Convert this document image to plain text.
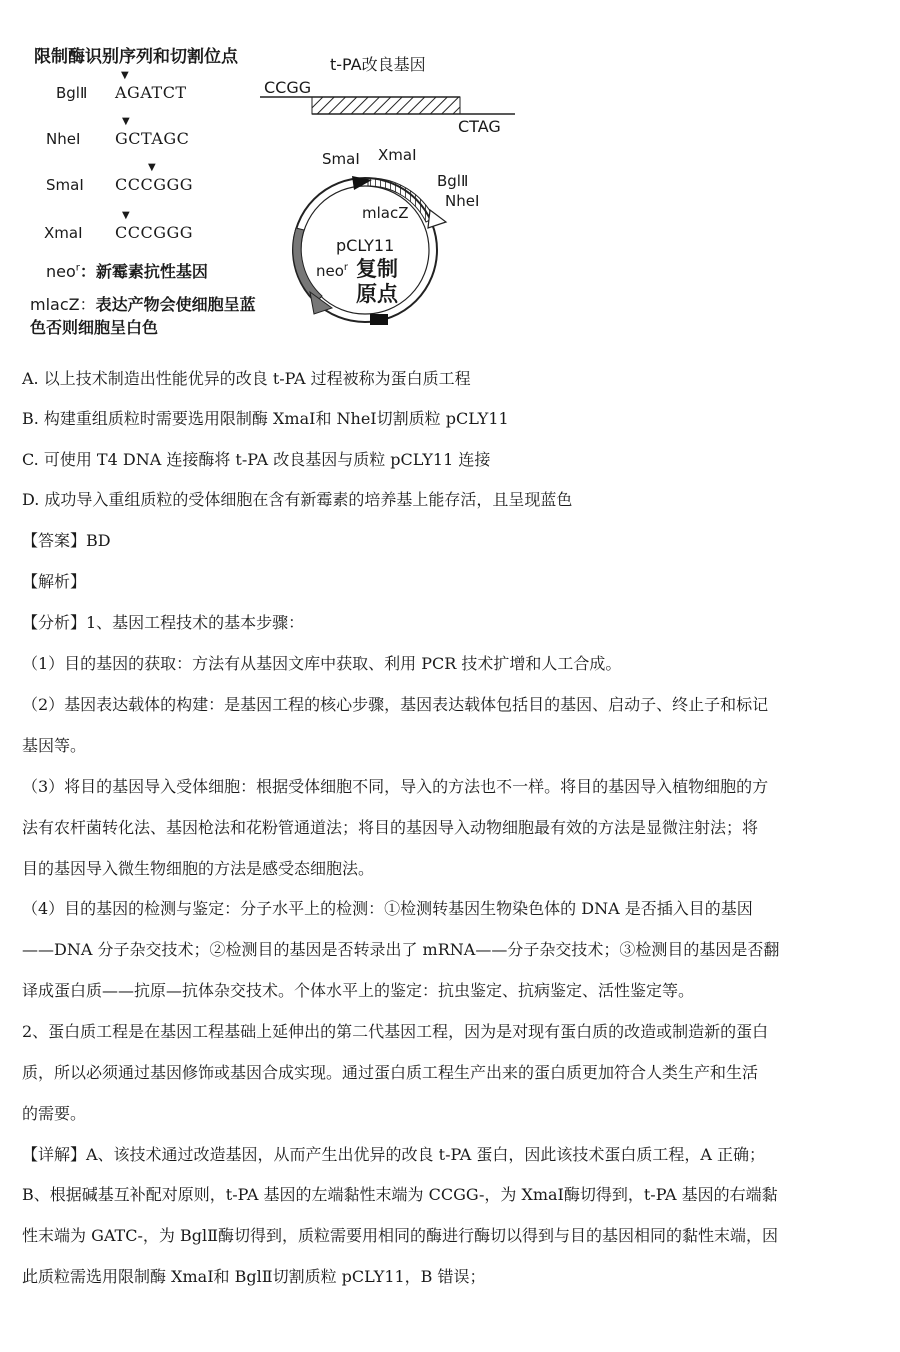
限制酶识别序列和切割位点
BglⅡ
▼
AGATCT
NheⅠ
▼
GCTAGC
SmaⅠ
▼
CCCGGG
XmaⅠ
▼
CCCGGG
neo$^r$：新霉素抗性基因
mlacZ：表达产物会使细胞呈蓝
色否则细胞呈白色
t-PA改良基因
CCGG
CTAG
SmaⅠ XmaⅠ
BglⅡ
NheⅠ
mlacZ
pCLY11
neo$^r$ 复制
原点
A. 以上技术制造出性能优异的改良 t-PA 过程被称为蛋白质工程
B. 构建重组质粒时需要选用限制酶 XmaⅠ和 NheⅠ切割质粒 pCLY11
C. 可使用 T4 DNA 连接酶将 t-PA 改良基因与质粒 pCLY11 连接
D. 成功导入重组质粒的受体细胞在含有新霉素的培养基上能存活，且呈现蓝色
【答案】BD
【解析】
【分析】1、基因工程技术的基本步骤：
（1）目的基因的获取：方法有从基因文库中获取、利用 PCR 技术扩增和人工合成。
（2）基因表达载体的构建：是基因工程的核心步骤，基因表达载体包括目的基因、启动子、终止子和标记
基因等。
（3）将目的基因导入受体细胞：根据受体细胞不同，导入的方法也不一样。将目的基因导入植物细胞的方
法有农杆菌转化法、基因枪法和花粉管通道法；将目的基因导入动物细胞最有效的方法是显微注射法；将
目的基因导入微生物细胞的方法是感受态细胞法。
（4）目的基因的检测与鉴定：分子水平上的检测：①检测转基因生物染色体的 DNA 是否插入目的基因
——DNA 分子杂交技术；②检测目的基因是否转录出了 mRNA——分子杂交技术；③检测目的基因是否翻
译成蛋白质——抗原—抗体杂交技术。个体水平上的鉴定：抗虫鉴定、抗病鉴定、活性鉴定等。
2、蛋白质工程是在基因工程基础上延伸出的第二代基因工程，因为是对现有蛋白质的改造或制造新的蛋白
质，所以必须通过基因修饰或基因合成实现。通过蛋白质工程生产出来的蛋白质更加符合人类生产和生活
的需要。
【详解】A、该技术通过改造基因，从而产生出优异的改良 t-PA 蛋白，因此该技术蛋白质工程，A 正确；
B、根据碱基互补配对原则，t-PA 基因的左端黏性末端为 CCGG-，为 XmaⅠ酶切得到，t-PA 基因的右端黏
性末端为 GATC-，为 BglⅡ酶切得到，质粒需要用相同的酶进行酶切以得到与目的基因相同的黏性末端，因
此质粒需选用限制酶 XmaⅠ和 BglⅡ切割质粒 pCLY11，B 错误；
